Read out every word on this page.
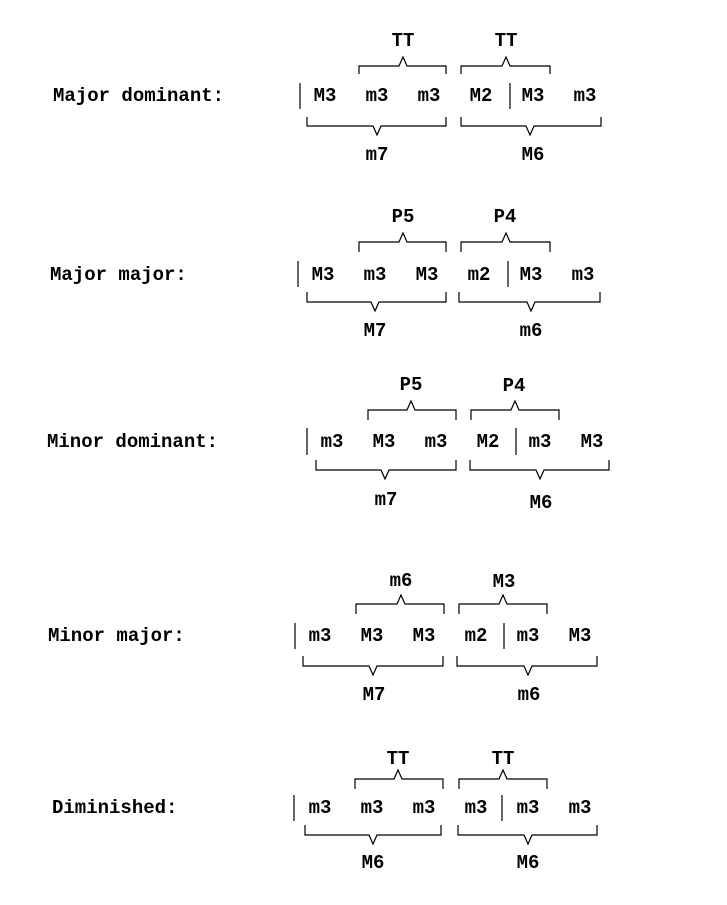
Major dominant:	M3 m3 m3 M2 M3 m3
TT	TT
m7	M6
Major major:	M3 m3 M3 m2 M3 m3
P5	P4
M7	m6
Minor dominant:	m3 M3 m3 M2 m3 M3
P5	P4
m7	M6
Minor major:	m3 M3 M3 m2 m3 M3
m6	M3
M7	m6
Diminished:	m3 m3 m3 m3 m3 m3
TT	TT
M6	M6
